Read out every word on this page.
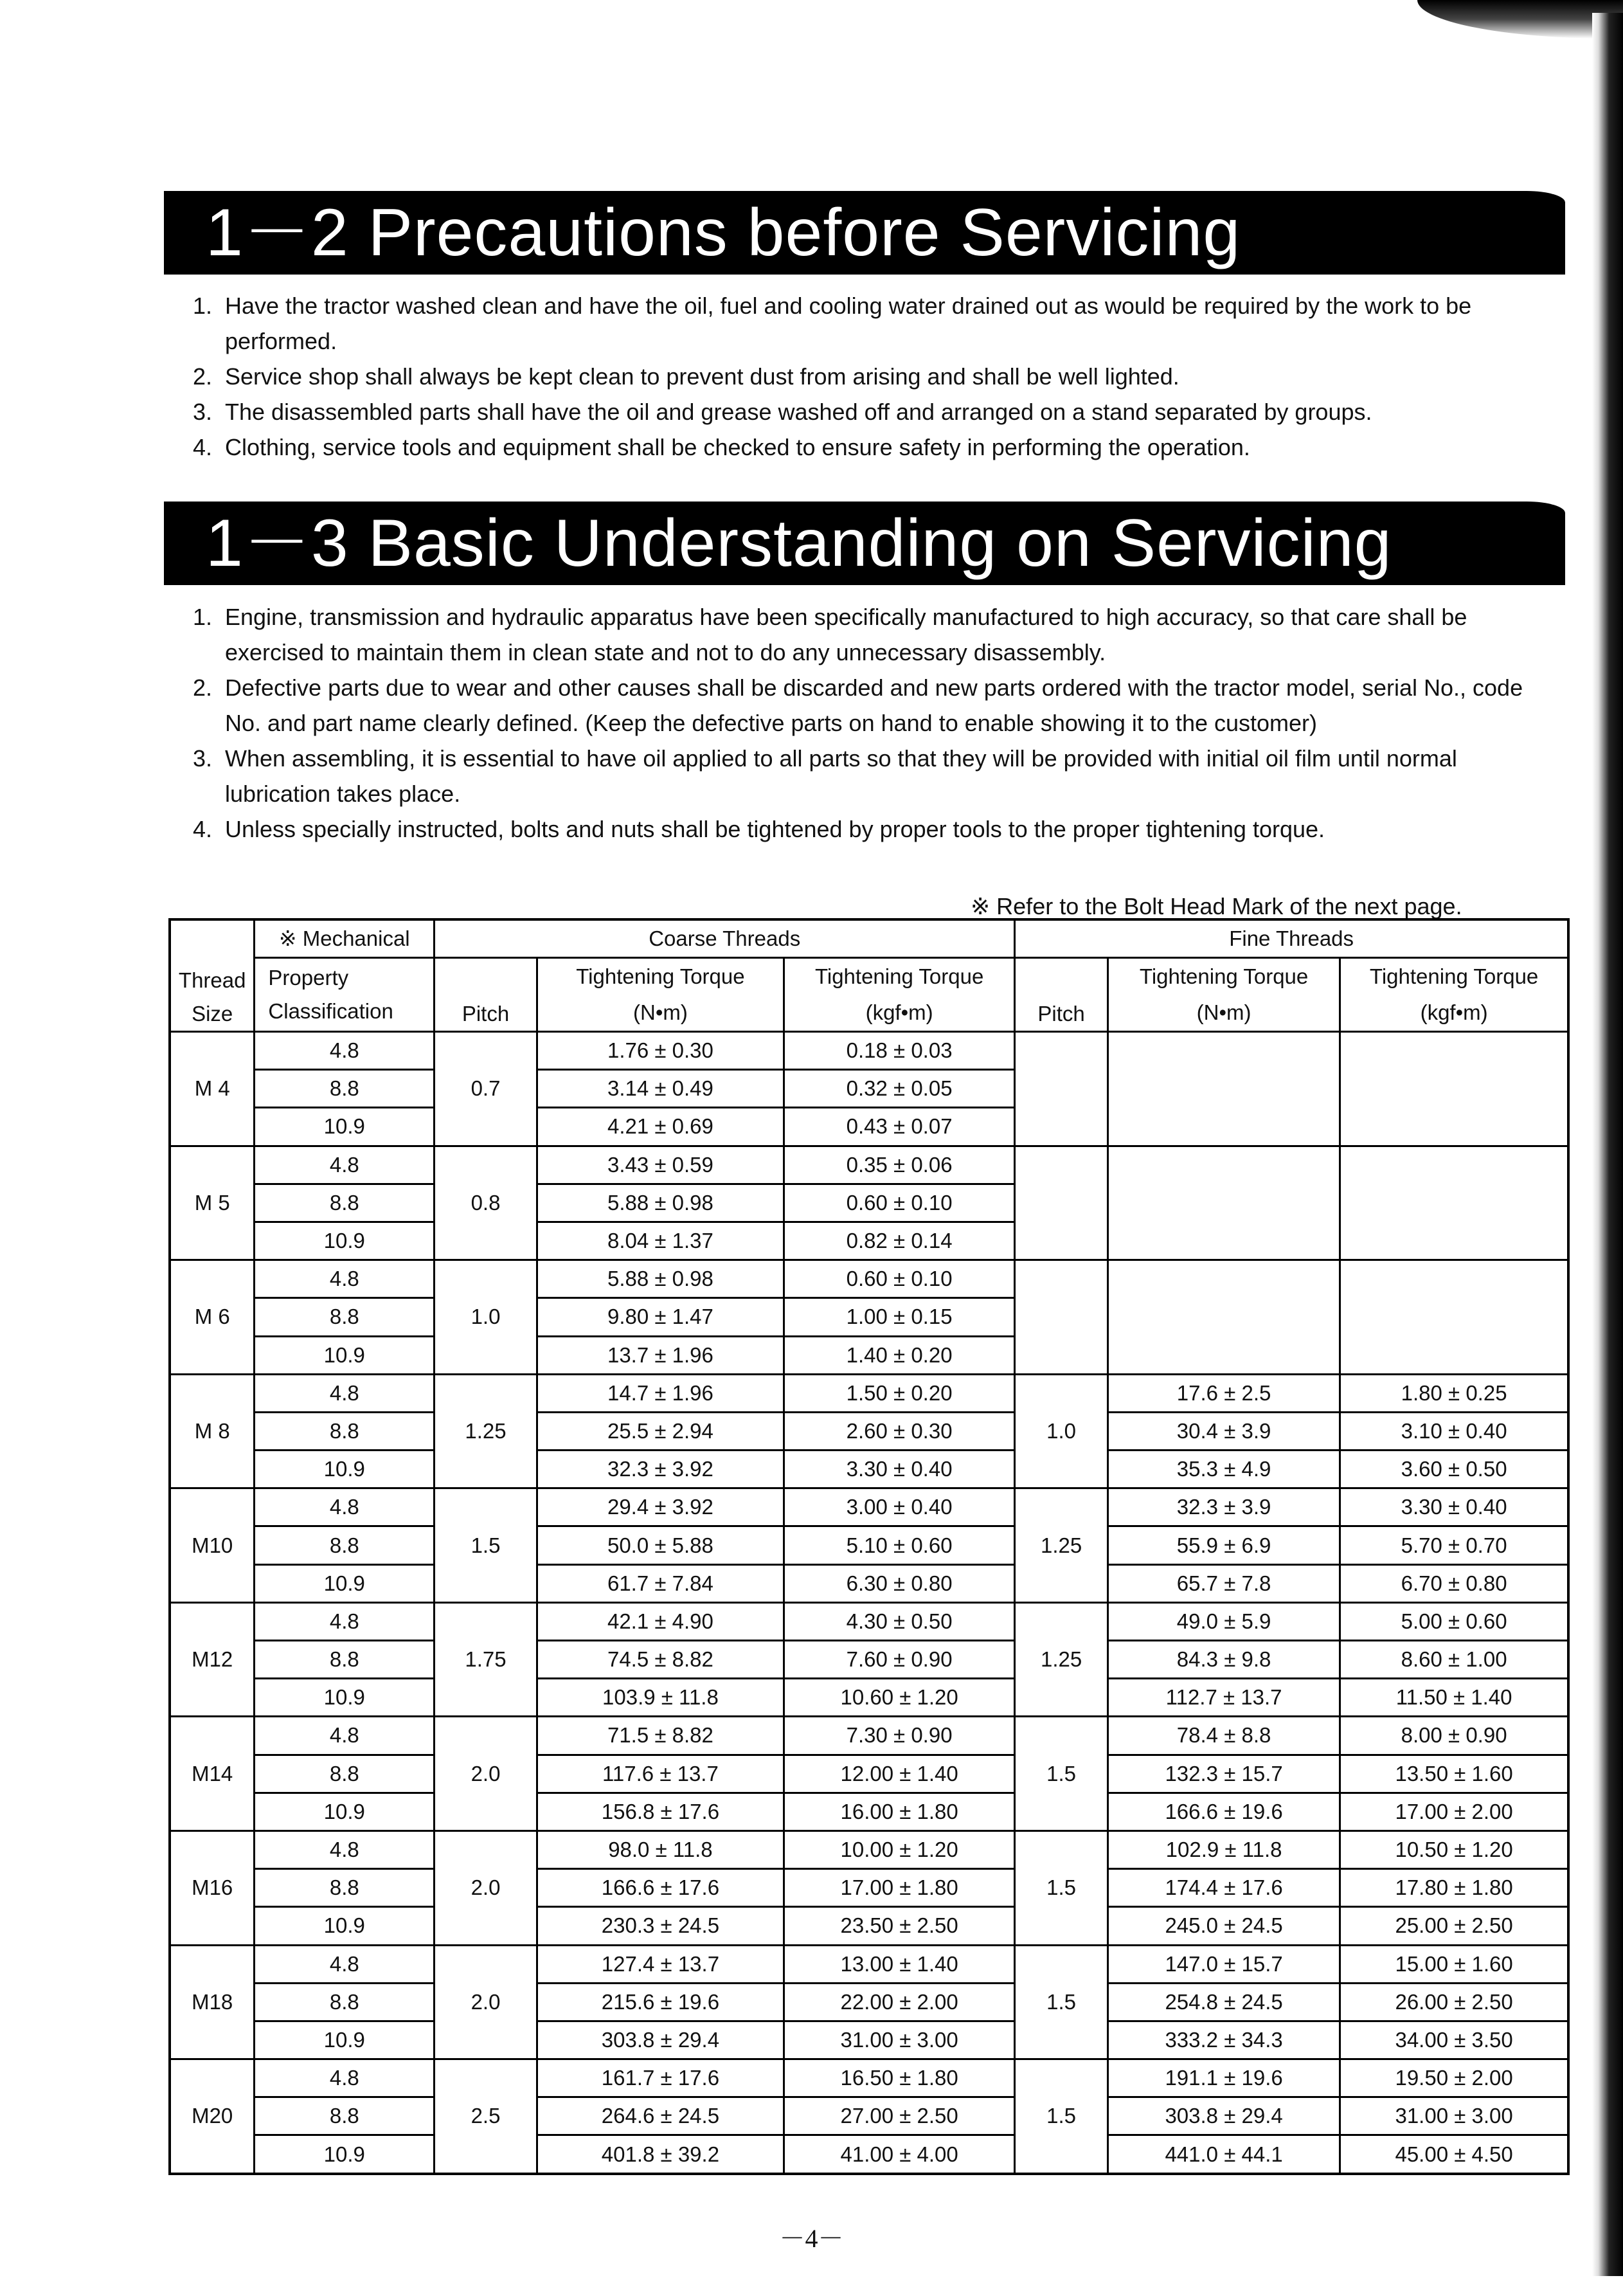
1－2 Precautions before Servicing
1. Have the tractor washed clean and have the oil, fuel and cooling water drained out as would be required by the work to be performed.
2. Service shop shall always be kept clean to prevent dust from arising and shall be well lighted.
3. The disassembled parts shall have the oil and grease washed off and arranged on a stand separated by groups.
4. Clothing, service tools and equipment shall be checked to ensure safety in performing the operation.
1－3 Basic Understanding on Servicing
1. Engine, transmission and hydraulic apparatus have been specifically manufactured to high accuracy, so that care shall be exercised to maintain them in clean state and not to do any unnecessary disassembly.
2. Defective parts due to wear and other causes shall be discarded and new parts ordered with the tractor model, serial No., code No. and part name clearly defined. (Keep the defective parts on hand to enable showing it to the customer)
3. When assembling, it is essential to have oil applied to all parts so that they will be provided with initial oil film until normal lubrication takes place.
4. Unless specially instructed, bolts and nuts shall be tightened by proper tools to the proper tightening torque.
※ Refer to the Bolt Head Mark of the next page.
Thread Size	※ Mechanical	Coarse Threads			Fine Threads		
	Property Classification	Pitch	Tightening Torque	Tightening Torque	Pitch	Tightening Torque	Tightening Torque
			(N•m)	(kgf•m)		(N•m)	(kgf•m)
M 4	4.8	0.7	1.76 ± 0.30	0.18 ± 0.03			
	8.8		3.14 ± 0.49	0.32 ± 0.05			
	10.9		4.21 ± 0.69	0.43 ± 0.07			
M 5	4.8	0.8	3.43 ± 0.59	0.35 ± 0.06			
	8.8		5.88 ± 0.98	0.60 ± 0.10			
	10.9		8.04 ± 1.37	0.82 ± 0.14			
M 6	4.8	1.0	5.88 ± 0.98	0.60 ± 0.10			
	8.8		9.80 ± 1.47	1.00 ± 0.15			
	10.9		13.7 ± 1.96	1.40 ± 0.20			
M 8	4.8	1.25	14.7 ± 1.96	1.50 ± 0.20	1.0	17.6 ± 2.5	1.80 ± 0.25
	8.8		25.5 ± 2.94	2.60 ± 0.30		30.4 ± 3.9	3.10 ± 0.40
	10.9		32.3 ± 3.92	3.30 ± 0.40		35.3 ± 4.9	3.60 ± 0.50
M10	4.8	1.5	29.4 ± 3.92	3.00 ± 0.40	1.25	32.3 ± 3.9	3.30 ± 0.40
	8.8		50.0 ± 5.88	5.10 ± 0.60		55.9 ± 6.9	5.70 ± 0.70
	10.9		61.7 ± 7.84	6.30 ± 0.80		65.7 ± 7.8	6.70 ± 0.80
M12	4.8	1.75	42.1 ± 4.90	4.30 ± 0.50	1.25	49.0 ± 5.9	5.00 ± 0.60
	8.8		74.5 ± 8.82	7.60 ± 0.90		84.3 ± 9.8	8.60 ± 1.00
	10.9		103.9 ± 11.8	10.60 ± 1.20		112.7 ± 13.7	11.50 ± 1.40
M14	4.8	2.0	71.5 ± 8.82	7.30 ± 0.90	1.5	78.4 ± 8.8	8.00 ± 0.90
	8.8		117.6 ± 13.7	12.00 ± 1.40		132.3 ± 15.7	13.50 ± 1.60
	10.9		156.8 ± 17.6	16.00 ± 1.80		166.6 ± 19.6	17.00 ± 2.00
M16	4.8	2.0	98.0 ± 11.8	10.00 ± 1.20	1.5	102.9 ± 11.8	10.50 ± 1.20
	8.8		166.6 ± 17.6	17.00 ± 1.80		174.4 ± 17.6	17.80 ± 1.80
	10.9		230.3 ± 24.5	23.50 ± 2.50		245.0 ± 24.5	25.00 ± 2.50
M18	4.8	2.0	127.4 ± 13.7	13.00 ± 1.40	1.5	147.0 ± 15.7	15.00 ± 1.60
	8.8		215.6 ± 19.6	22.00 ± 2.00		254.8 ± 24.5	26.00 ± 2.50
	10.9		303.8 ± 29.4	31.00 ± 3.00		333.2 ± 34.3	34.00 ± 3.50
M20	4.8	2.5	161.7 ± 17.6	16.50 ± 1.80	1.5	191.1 ± 19.6	19.50 ± 2.00
	8.8		264.6 ± 24.5	27.00 ± 2.50		303.8 ± 29.4	31.00 ± 3.00
	10.9		401.8 ± 39.2	41.00 ± 4.00		441.0 ± 44.1	45.00 ± 4.50
－4－
